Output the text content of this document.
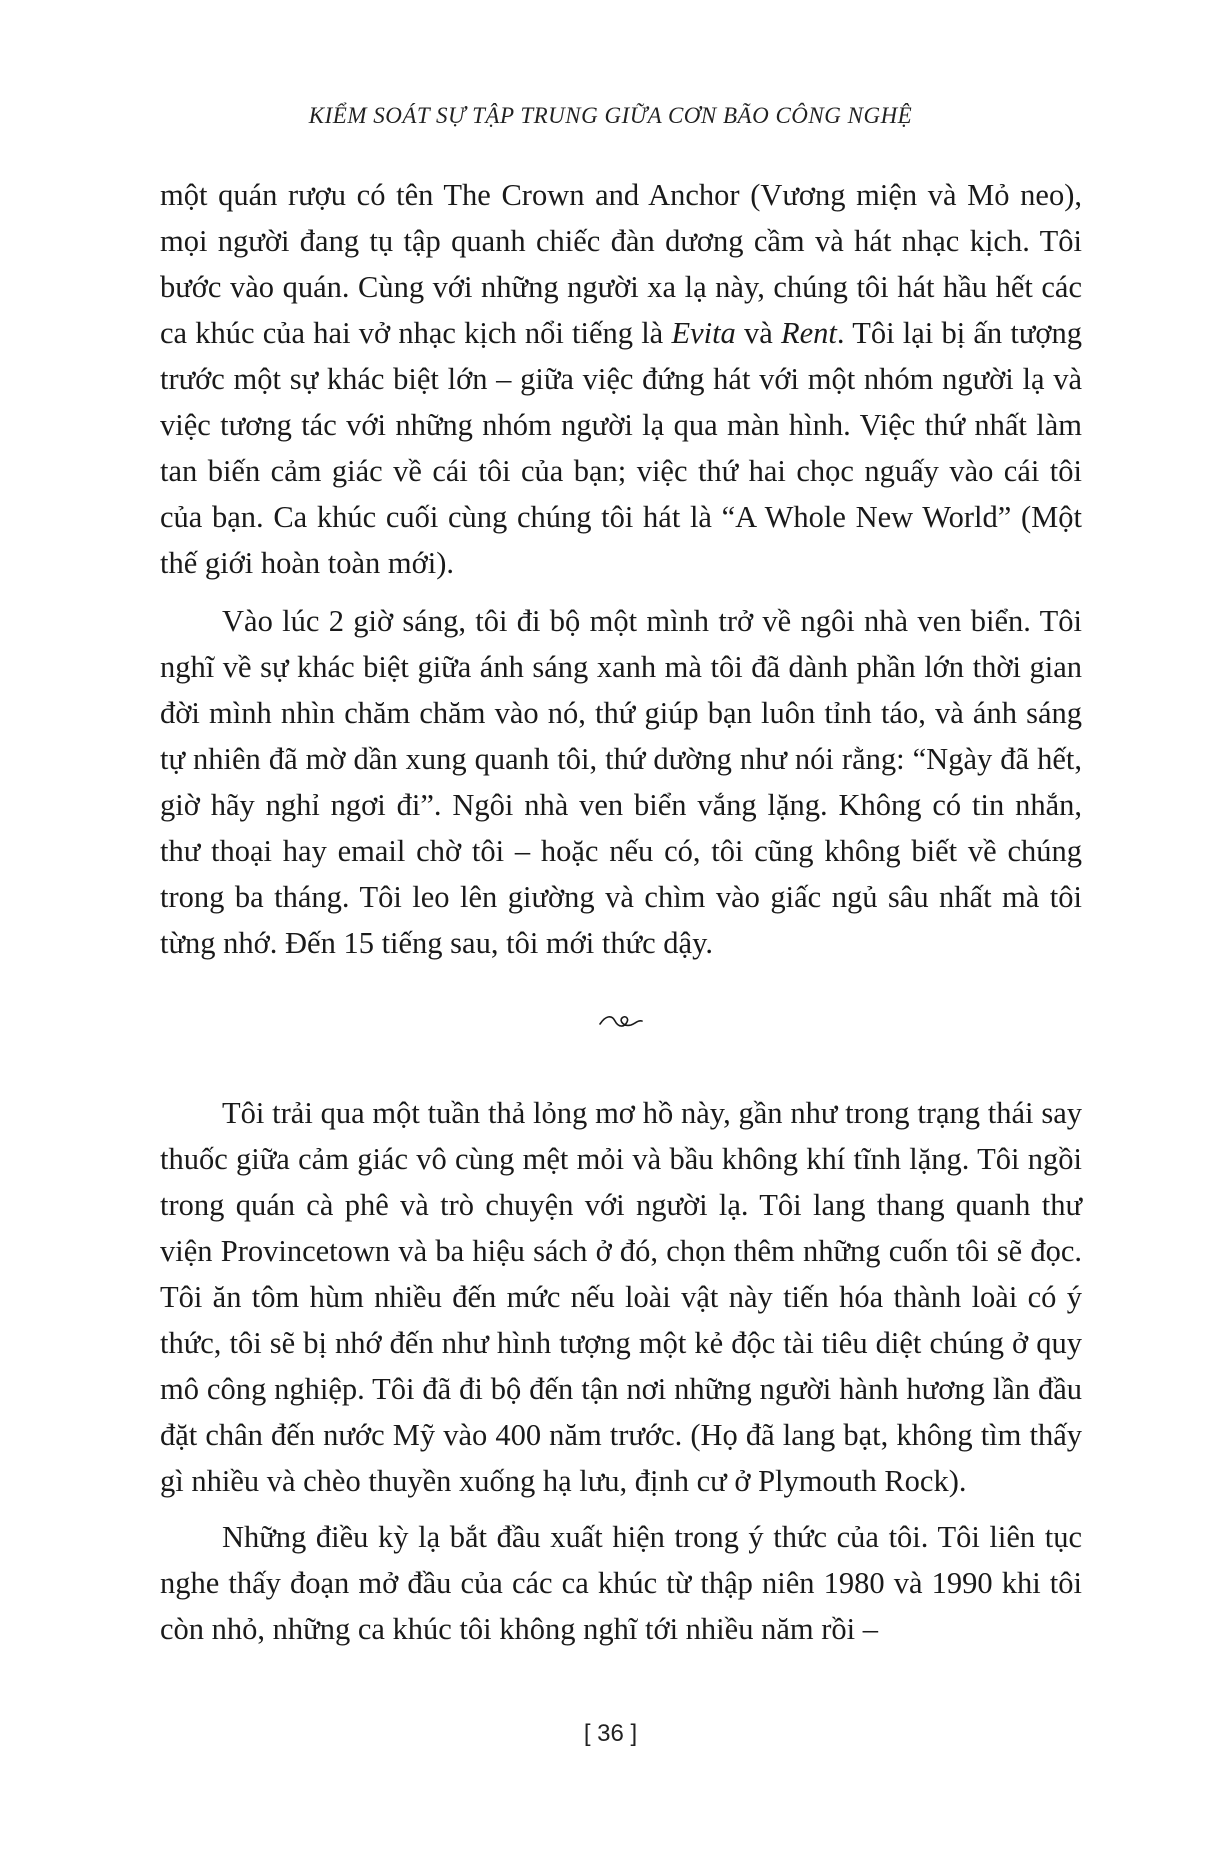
KIỂM SOÁT SỰ TẬP TRUNG GIỮA CƠN BÃO CÔNG NGHỆ

một quán rượu có tên The Crown and Anchor (Vương miện và Mỏ neo), mọi người đang tụ tập quanh chiếc đàn dương cầm và hát nhạc kịch. Tôi bước vào quán. Cùng với những người xa lạ này, chúng tôi hát hầu hết các ca khúc của hai vở nhạc kịch nổi tiếng là Evita và Rent. Tôi lại bị ấn tượng trước một sự khác biệt lớn – giữa việc đứng hát với một nhóm người lạ và việc tương tác với những nhóm người lạ qua màn hình. Việc thứ nhất làm tan biến cảm giác về cái tôi của bạn; việc thứ hai chọc nguấy vào cái tôi của bạn. Ca khúc cuối cùng chúng tôi hát là “A Whole New World” (Một thế giới hoàn toàn mới).

Vào lúc 2 giờ sáng, tôi đi bộ một mình trở về ngôi nhà ven biển. Tôi nghĩ về sự khác biệt giữa ánh sáng xanh mà tôi đã dành phần lớn thời gian đời mình nhìn chăm chăm vào nó, thứ giúp bạn luôn tỉnh táo, và ánh sáng tự nhiên đã mờ dần xung quanh tôi, thứ dường như nói rằng: “Ngày đã hết, giờ hãy nghỉ ngơi đi”. Ngôi nhà ven biển vắng lặng. Không có tin nhắn, thư thoại hay email chờ tôi – hoặc nếu có, tôi cũng không biết về chúng trong ba tháng. Tôi leo lên giường và chìm vào giấc ngủ sâu nhất mà tôi từng nhớ. Đến 15 tiếng sau, tôi mới thức dậy.

Tôi trải qua một tuần thả lỏng mơ hồ này, gần như trong trạng thái say thuốc giữa cảm giác vô cùng mệt mỏi và bầu không khí tĩnh lặng. Tôi ngồi trong quán cà phê và trò chuyện với người lạ. Tôi lang thang quanh thư viện Provincetown và ba hiệu sách ở đó, chọn thêm những cuốn tôi sẽ đọc. Tôi ăn tôm hùm nhiều đến mức nếu loài vật này tiến hóa thành loài có ý thức, tôi sẽ bị nhớ đến như hình tượng một kẻ độc tài tiêu diệt chúng ở quy mô công nghiệp. Tôi đã đi bộ đến tận nơi những người hành hương lần đầu đặt chân đến nước Mỹ vào 400 năm trước. (Họ đã lang bạt, không tìm thấy gì nhiều và chèo thuyền xuống hạ lưu, định cư ở Plymouth Rock).

Những điều kỳ lạ bắt đầu xuất hiện trong ý thức của tôi. Tôi liên tục nghe thấy đoạn mở đầu của các ca khúc từ thập niên 1980 và 1990 khi tôi còn nhỏ, những ca khúc tôi không nghĩ tới nhiều năm rồi –

[ 36 ]
